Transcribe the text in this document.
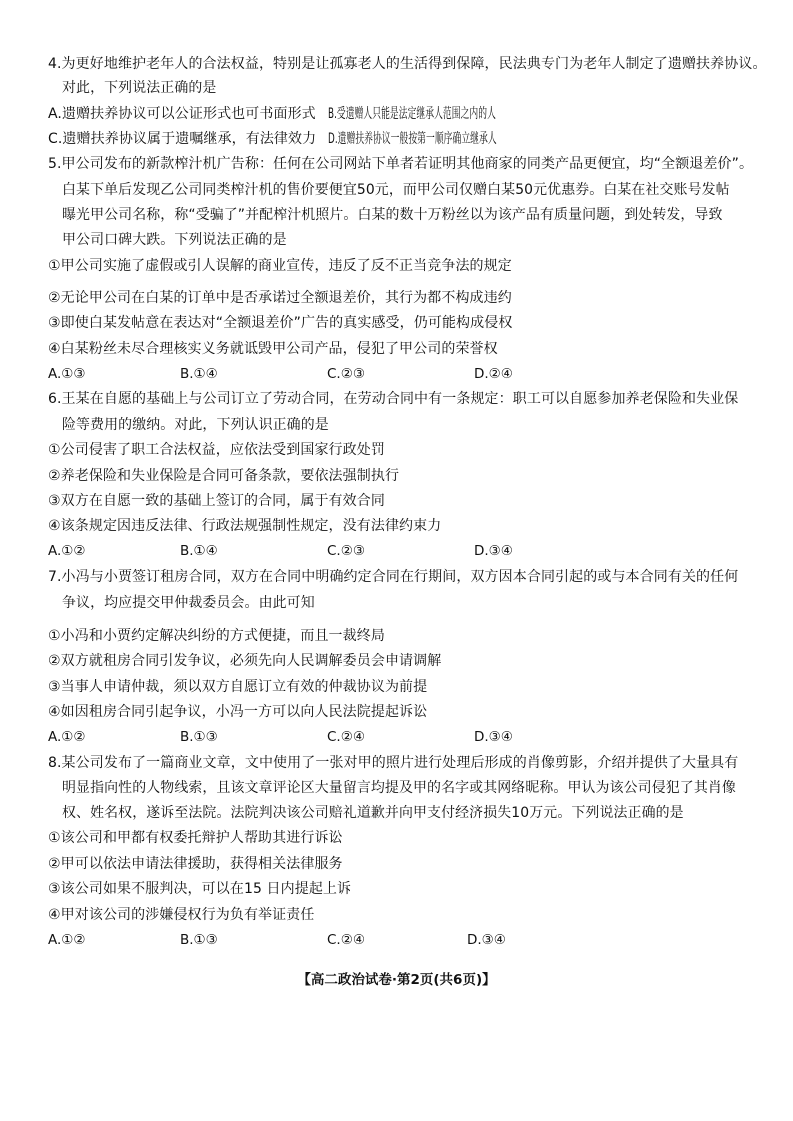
4.为更好地维护老年人的合法权益，特别是让孤寡老人的生活得到保障，民法典专门为老年人制定了遗赠扶养协议。
对此，下列说法正确的是
A.遗赠扶养协议可以公证形式也可书面形式 B.受遗赠人只能是法定继承人范围之内的人
C.遗赠扶养协议属于遗嘱继承，有法律效力 D.遗赠扶养协议一般按第一顺序确立继承人
5.甲公司发布的新款榨汁机广告称：任何在公司网站下单者若证明其他商家的同类产品更便宜，均“全额退差价”。
白某下单后发现乙公司同类榨汁机的售价要便宜50元，而甲公司仅赠白某50元优惠券。白某在社交账号发帖
曝光甲公司名称，称“受骗了”并配榨汁机照片。白某的数十万粉丝以为该产品有质量问题，到处转发，导致
甲公司口碑大跌。下列说法正确的是
①甲公司实施了虚假或引人误解的商业宣传，违反了反不正当竞争法的规定
②无论甲公司在白某的订单中是否承诺过全额退差价，其行为都不构成违约
③即使白某发帖意在表达对“全额退差价”广告的真实感受，仍可能构成侵权
④白某粉丝未尽合理核实义务就诋毁甲公司产品，侵犯了甲公司的荣誉权
A.①③	B.①④	C.②③	D.②④
6.王某在自愿的基础上与公司订立了劳动合同，在劳动合同中有一条规定：职工可以自愿参加养老保险和失业保
险等费用的缴纳。对此，下列认识正确的是
①公司侵害了职工合法权益，应依法受到国家行政处罚
②养老保险和失业保险是合同可备条款，要依法强制执行
③双方在自愿一致的基础上签订的合同，属于有效合同
④该条规定因违反法律、行政法规强制性规定，没有法律约束力
A.①②	B.①④	C.②③	D.③④
7.小冯与小贾签订租房合同，双方在合同中明确约定合同在行期间，双方因本合同引起的或与本合同有关的任何
争议，均应提交甲仲裁委员会。由此可知
①小冯和小贾约定解决纠纷的方式便捷，而且一裁终局
②双方就租房合同引发争议，必须先向人民调解委员会申请调解
③当事人申请仲裁，须以双方自愿订立有效的仲裁协议为前提
④如因租房合同引起争议，小冯一方可以向人民法院提起诉讼
A.①②	B.①③	C.②④	D.③④
8.某公司发布了一篇商业文章，文中使用了一张对甲的照片进行处理后形成的肖像剪影，介绍并提供了大量具有
明显指向性的人物线索，且该文章评论区大量留言均提及甲的名字或其网络昵称。甲认为该公司侵犯了其肖像
权、姓名权，遂诉至法院。法院判决该公司赔礼道歉并向甲支付经济损失10万元。下列说法正确的是
①该公司和甲都有权委托辩护人帮助其进行诉讼
②甲可以依法申请法律援助，获得相关法律服务
③该公司如果不服判决，可以在15 日内提起上诉
④甲对该公司的涉嫌侵权行为负有举证责任
A.①②	B.①③	C.②④	D.③④
【高二政治试卷·第2页(共6页)】
